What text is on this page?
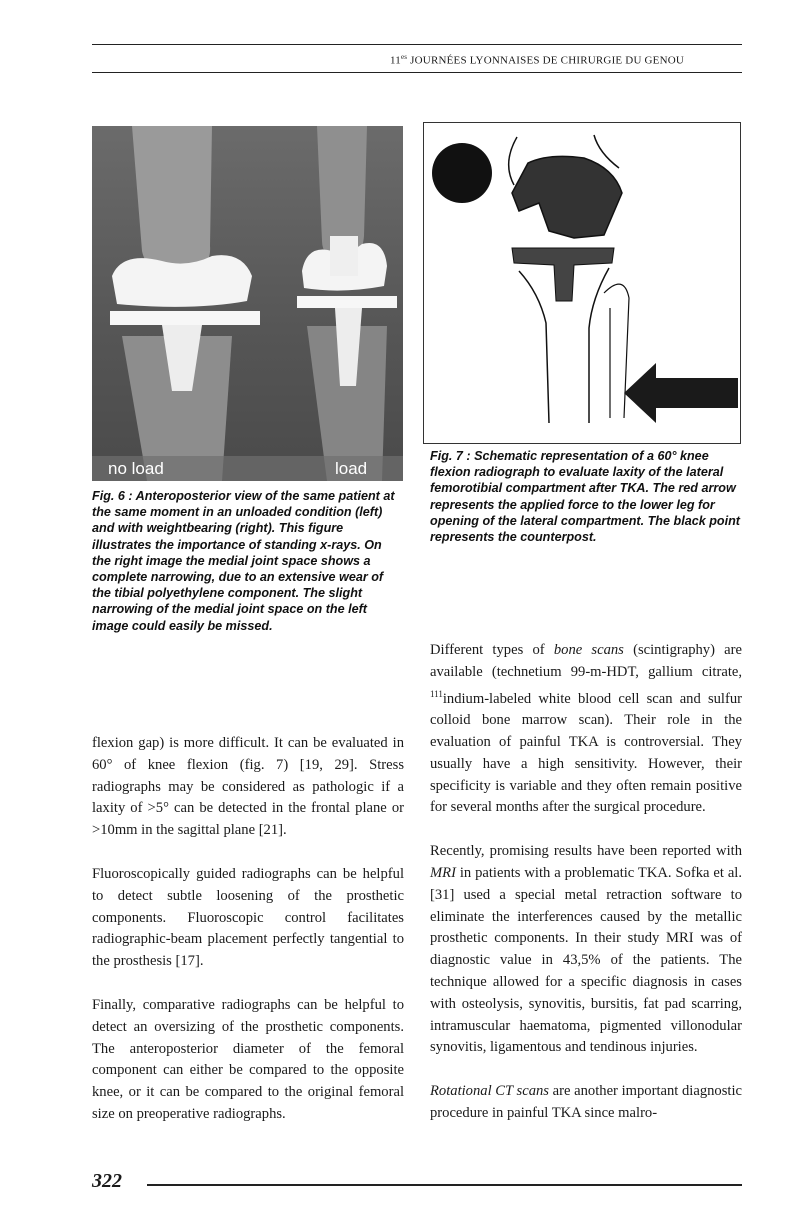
$11^{es}$ JOURNÉES LYONNAISES DE CHIRURGIE DU GENOU
no load	load
Fig. 6 : Anteroposterior view of the same patient at the same moment in an unloaded condition (left) and with weightbearing (right). This figure illustrates the importance of standing x-rays. On the right image the medial joint space shows a complete narrowing, due to an extensive wear of the tibial polyethylene component. The slight narrowing of the medial joint space on the left image could easily be missed.
Fig. 7 : Schematic representation of a 60° knee flexion radiograph to evaluate laxity of the lateral femorotibial compartment after TKA. The red arrow represents the applied force to the lower leg for opening of the lateral compartment. The black point represents the counterpost.

flexion gap) is more difficult. It can be evaluated in 60° of knee flexion (fig. 7) [19, 29]. Stress radiographs may be considered as pathologic if a laxity of >5° can be detected in the frontal plane or >10mm in the sagittal plane [21].

Fluoroscopically guided radiographs can be helpful to detect subtle loosening of the prosthetic components. Fluoroscopic control facilitates radiographic-beam placement perfectly tangential to the prosthesis [17].

Finally, comparative radiographs can be helpful to detect an oversizing of the prosthetic components. The anteroposterior diameter of the femoral component can either be compared to the opposite knee, or it can be compared to the original femoral size on preoperative radiographs.

Different types of bone scans (scintigraphy) are available (technetium 99-m-HDT, gallium citrate, $^{111}$indium-labeled white blood cell scan and sulfur colloid bone marrow scan). Their role in the evaluation of painful TKA is controversial. They usually have a high sensitivity. However, their specificity is variable and they often remain positive for several months after the surgical procedure.

Recently, promising results have been reported with MRI in patients with a problematic TKA. Sofka et al. [31] used a special metal retraction software to eliminate the interferences caused by the metallic prosthetic components. In their study MRI was of diagnostic value in 43,5% of the patients. The technique allowed for a specific diagnosis in cases with osteolysis, synovitis, bursitis, fat pad scarring, intramuscular haematoma, pigmented villonodular synovitis, ligamentous and tendinous injuries.

Rotational CT scans are another important diagnostic procedure in painful TKA since malro-

322
